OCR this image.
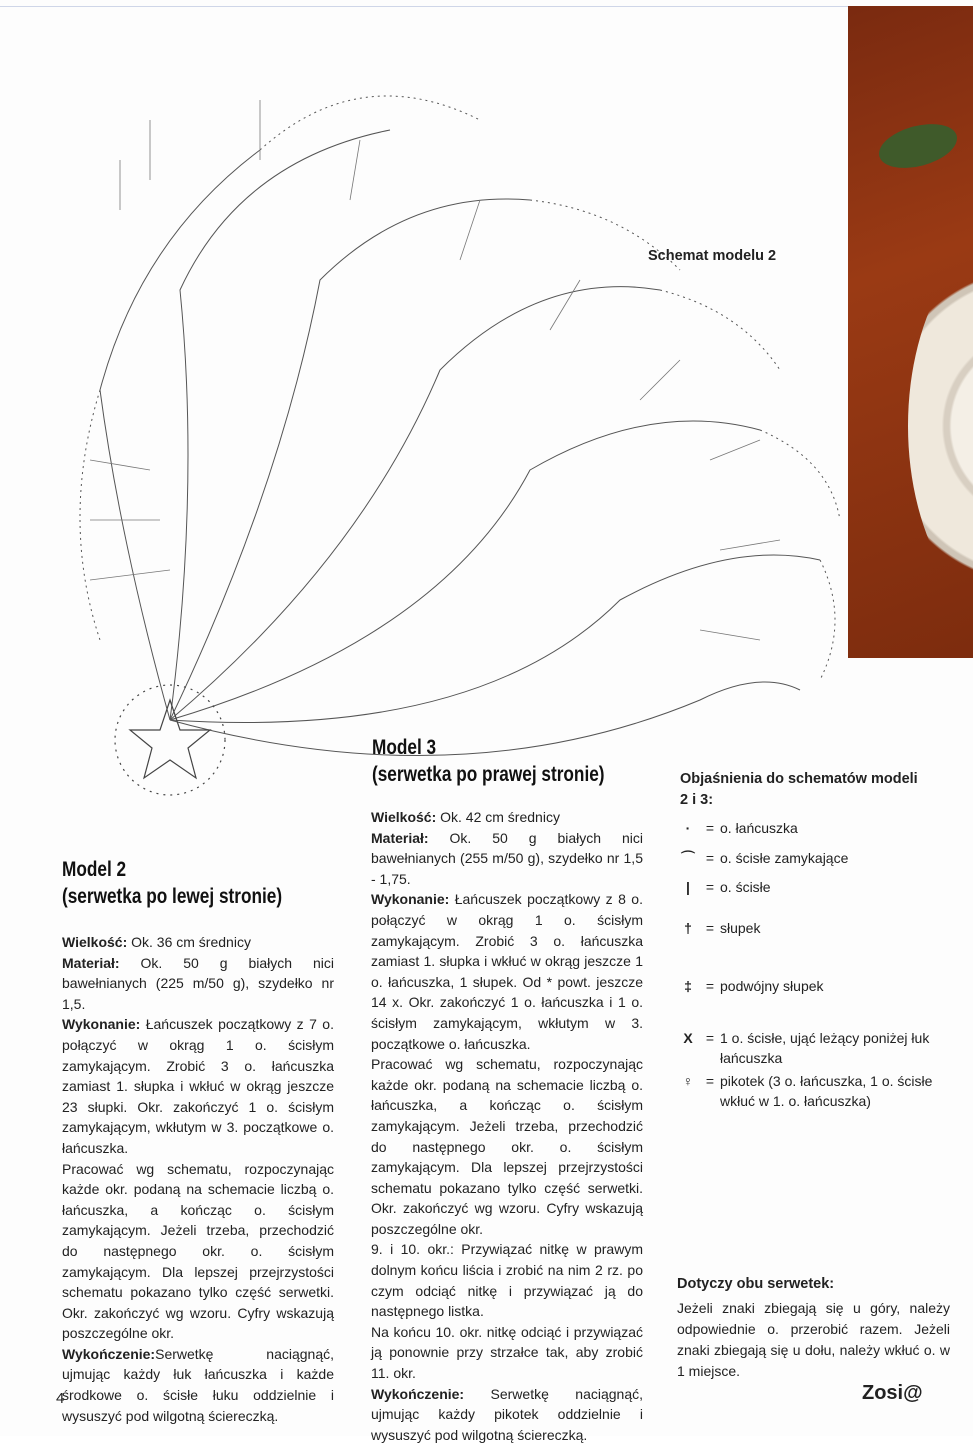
Schemat modelu 2
Model 3
(serwetka po prawej stronie)

Wielkość: Ok. 42 cm średnicy

Materiał: Ok. 50 g białych nici bawełnianych (255 m/50 g), szydełko nr 1,5 - 1,75.

Wykonanie: Łańcuszek początkowy z 8 o. połączyć w okrąg 1 o. ścisłym zamykającym. Zrobić 3 o. łańcuszka zamiast 1. słupka i wkłuć w okrąg jeszcze 1 o. łańcuszka, 1 słupek. Od * powt. jeszcze 14 x. Okr. zakończyć 1 o. łańcuszka i 1 o. ścisłym zamykającym, wkłutym w 3. początkowe o. łańcuszka.

Pracować wg schematu, rozpoczynając każde okr. podaną na schemacie liczbą o. łańcuszka, a kończąc o. ścisłym zamykającym. Jeżeli trzeba, przechodzić do następnego okr. o. ścisłym zamykającym. Dla lepszej przejrzystości schematu pokazano tylko część serwetki. Okr. zakończyć wg wzoru. Cyfry wskazują poszczególne okr.

9. i 10. okr.: Przywiązać nitkę w prawym dolnym końcu liścia i zrobić na nim 2 rz. po czym odciąć nitkę i przywiązać ją do następnego listka.

Na końcu 10. okr. nitkę odciąć i przywiązać ją ponownie przy strzałce tak, aby zrobić 11. okr.

Wykończenie: Serwetkę naciągnąć, ujmując każdy pikotek oddzielnie i wysuszyć pod wilgotną ściereczką.

Model 2
(serwetka po lewej stronie)

Wielkość: Ok. 36 cm średnicy

Materiał: Ok. 50 g białych nici bawełnianych (225 m/50 g), szydełko nr 1,5.

Wykonanie: Łańcuszek początkowy z 7 o. połączyć w okrąg 1 o. ścisłym zamykającym. Zrobić 3 o. łańcuszka zamiast 1. słupka i wkłuć w okrąg jeszcze 23 słupki. Okr. zakończyć 1 o. ścisłym zamykającym, wkłutym w 3. początkowe o. łańcuszka.

Pracować wg schematu, rozpoczynając każde okr. podaną na schemacie liczbą o. łańcuszka, a kończąc o. ścisłym zamykającym. Jeżeli trzeba, przechodzić do następnego okr. o. ścisłym zamykającym. Dla lepszej przejrzystości schematu pokazano tylko część serwetki. Okr. zakończyć wg wzoru. Cyfry wskazują poszczególne okr.

Wykończenie:Serwetkę naciągnąć, ujmując każdy łuk łańcuszka i każde środkowe o. ścisłe łuku oddzielnie i wysuszyć pod wilgotną ściereczką.

Objaśnienia do schematów modeli 2 i 3:
·	= o. łańcuszka
⌒ = o. ścisłe zamykające
|	= o. ścisłe
†	= słupek
‡	= podwójny słupek
X = 1 o. ścisłe, ująć leżący poniżej łuk łańcuszka
♀ = pikotek (3 o. łańcuszka, 1 o. ścisłe wkłuć w 1. o. łańcuszka)
Dotyczy obu serwetek:
Jeżeli znaki zbiegają się u góry, należy odpowiednie o. przerobić razem. Jeżeli znaki zbiegają się u dołu, należy wkłuć o. w 1 miejsce.
4	Zosi@
